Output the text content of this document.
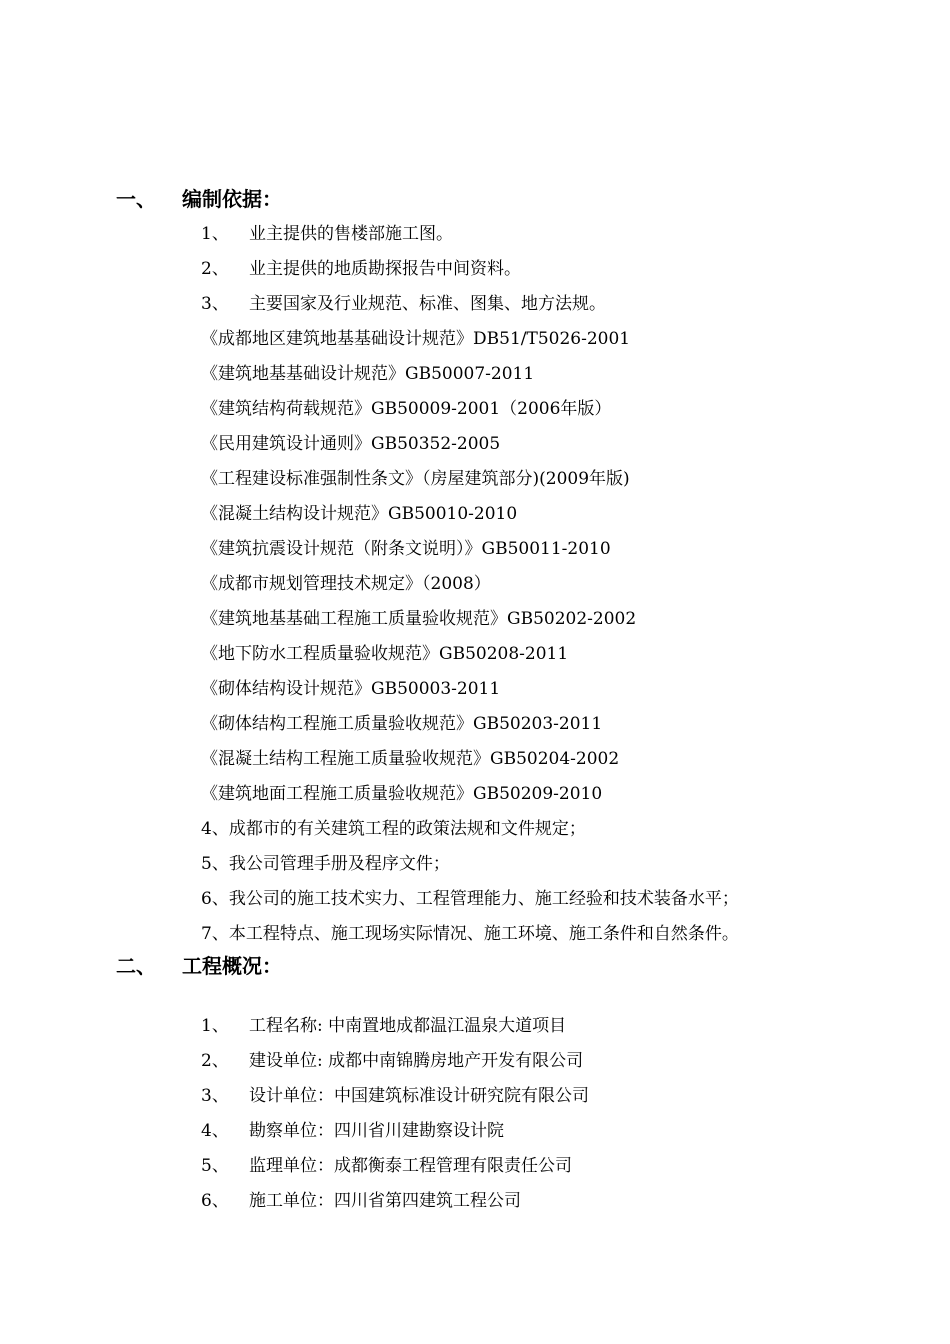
一、 编制依据：
1、 业主提供的售楼部施工图。
2、 业主提供的地质勘探报告中间资料。
3、 主要国家及行业规范、标准、图集、地方法规。
《成都地区建筑地基基础设计规范》DB51/T5026-2001
《建筑地基基础设计规范》GB50007-2011
《建筑结构荷载规范》GB50009-2001（2006年版）
《民用建筑设计通则》GB50352-2005
《工程建设标准强制性条文》（房屋建筑部分)(2009年版)
《混凝土结构设计规范》GB50010-2010
《建筑抗震设计规范（附条文说明）》GB50011-2010
《成都市规划管理技术规定》（2008）
《建筑地基基础工程施工质量验收规范》GB50202-2002
《地下防水工程质量验收规范》GB50208-2011
《砌体结构设计规范》GB50003-2011
《砌体结构工程施工质量验收规范》GB50203-2011
《混凝土结构工程施工质量验收规范》GB50204-2002
《建筑地面工程施工质量验收规范》GB50209-2010
4、成都市的有关建筑工程的政策法规和文件规定；
5、我公司管理手册及程序文件；
6、我公司的施工技术实力、工程管理能力、施工经验和技术装备水平；
7、本工程特点、施工现场实际情况、施工环境、施工条件和自然条件。
二、 工程概况：
1、 工程名称: 中南置地成都温江温泉大道项目
2、 建设单位: 成都中南锦腾房地产开发有限公司
3、 设计单位：中国建筑标准设计研究院有限公司
4、 勘察单位：四川省川建勘察设计院
5、 监理单位：成都衡泰工程管理有限责任公司
6、 施工单位：四川省第四建筑工程公司
